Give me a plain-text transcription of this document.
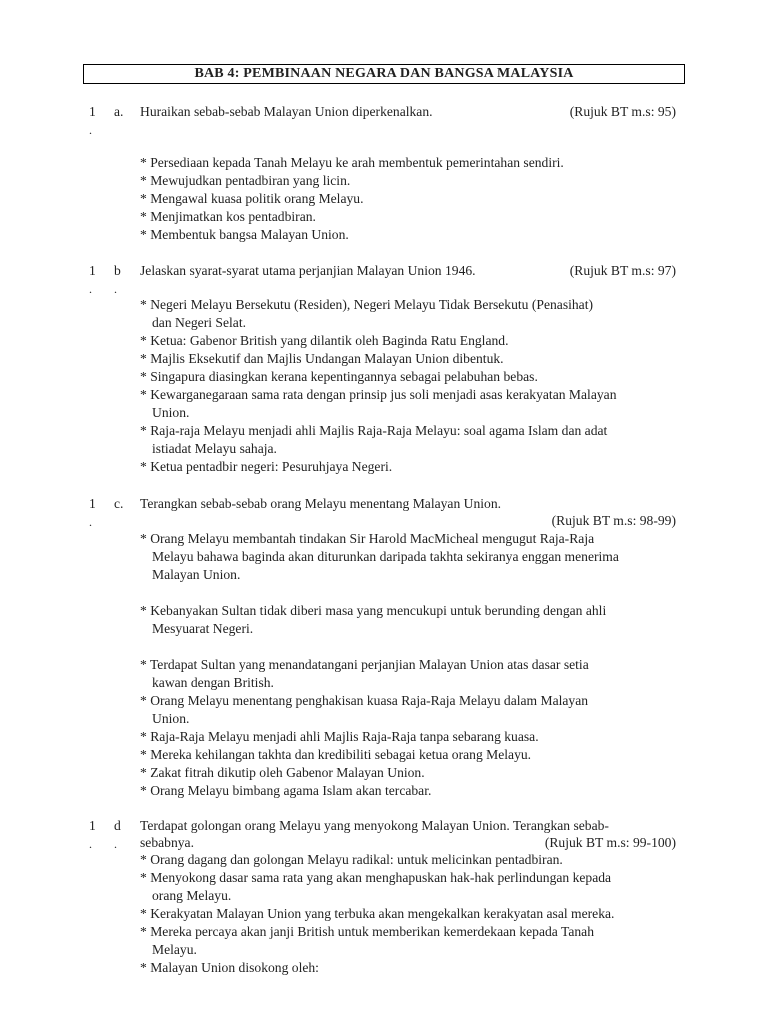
BAB 4: PEMBINAAN NEGARA DAN BANGSA MALAYSIA
1
.
a. Huraikan sebab-sebab Malayan Union diperkenalkan.	(Rujuk BT m.s: 95)
* Persediaan kepada Tanah Melayu ke arah membentuk pemerintahan sendiri.
* Mewujudkan pentadbiran yang licin.
* Mengawal kuasa politik orang Melayu.
* Menjimatkan kos pentadbiran.
* Membentuk bangsa Malayan Union.
1
.
b
.
Jelaskan syarat-syarat utama perjanjian Malayan Union 1946.	(Rujuk BT m.s: 97)
* Negeri Melayu Bersekutu (Residen), Negeri Melayu Tidak Bersekutu (Penasihat)
dan Negeri Selat.
* Ketua: Gabenor British yang dilantik oleh Baginda Ratu England.
* Majlis Eksekutif dan Majlis Undangan Malayan Union dibentuk.
* Singapura diasingkan kerana kepentingannya sebagai pelabuhan bebas.
* Kewarganegaraan sama rata dengan prinsip jus soli menjadi asas kerakyatan Malayan
Union.
* Raja-raja Melayu menjadi ahli Majlis Raja-Raja Melayu: soal agama Islam dan adat
istiadat Melayu sahaja.
* Ketua pentadbir negeri: Pesuruhjaya Negeri.
1
.
c. Terangkan sebab-sebab orang Melayu menentang Malayan Union.
(Rujuk BT m.s: 98-99)
* Orang Melayu membantah tindakan Sir Harold MacMicheal mengugut Raja-Raja
Melayu bahawa baginda akan diturunkan daripada takhta sekiranya enggan menerima
Malayan Union.
* Kebanyakan Sultan tidak diberi masa yang mencukupi untuk berunding dengan ahli
Mesyuarat Negeri.
* Terdapat Sultan yang menandatangani perjanjian Malayan Union atas dasar setia
kawan dengan British.
* Orang Melayu menentang penghakisan kuasa Raja-Raja Melayu dalam Malayan
Union.
* Raja-Raja Melayu menjadi ahli Majlis Raja-Raja tanpa sebarang kuasa.
* Mereka kehilangan takhta dan kredibiliti sebagai ketua orang Melayu.
* Zakat fitrah dikutip oleh Gabenor Malayan Union.
* Orang Melayu bimbang agama Islam akan tercabar.
1
.
d
.
Terdapat golongan orang Melayu yang menyokong Malayan Union. Terangkan sebab-
sebabnya.	(Rujuk BT m.s: 99-100)
* Orang dagang dan golongan Melayu radikal: untuk melicinkan pentadbiran.
* Menyokong dasar sama rata yang akan menghapuskan hak-hak perlindungan kepada
orang Melayu.
* Kerakyatan Malayan Union yang terbuka akan mengekalkan kerakyatan asal mereka.
* Mereka percaya akan janji British untuk memberikan kemerdekaan kepada Tanah
Melayu.
* Malayan Union disokong oleh:
